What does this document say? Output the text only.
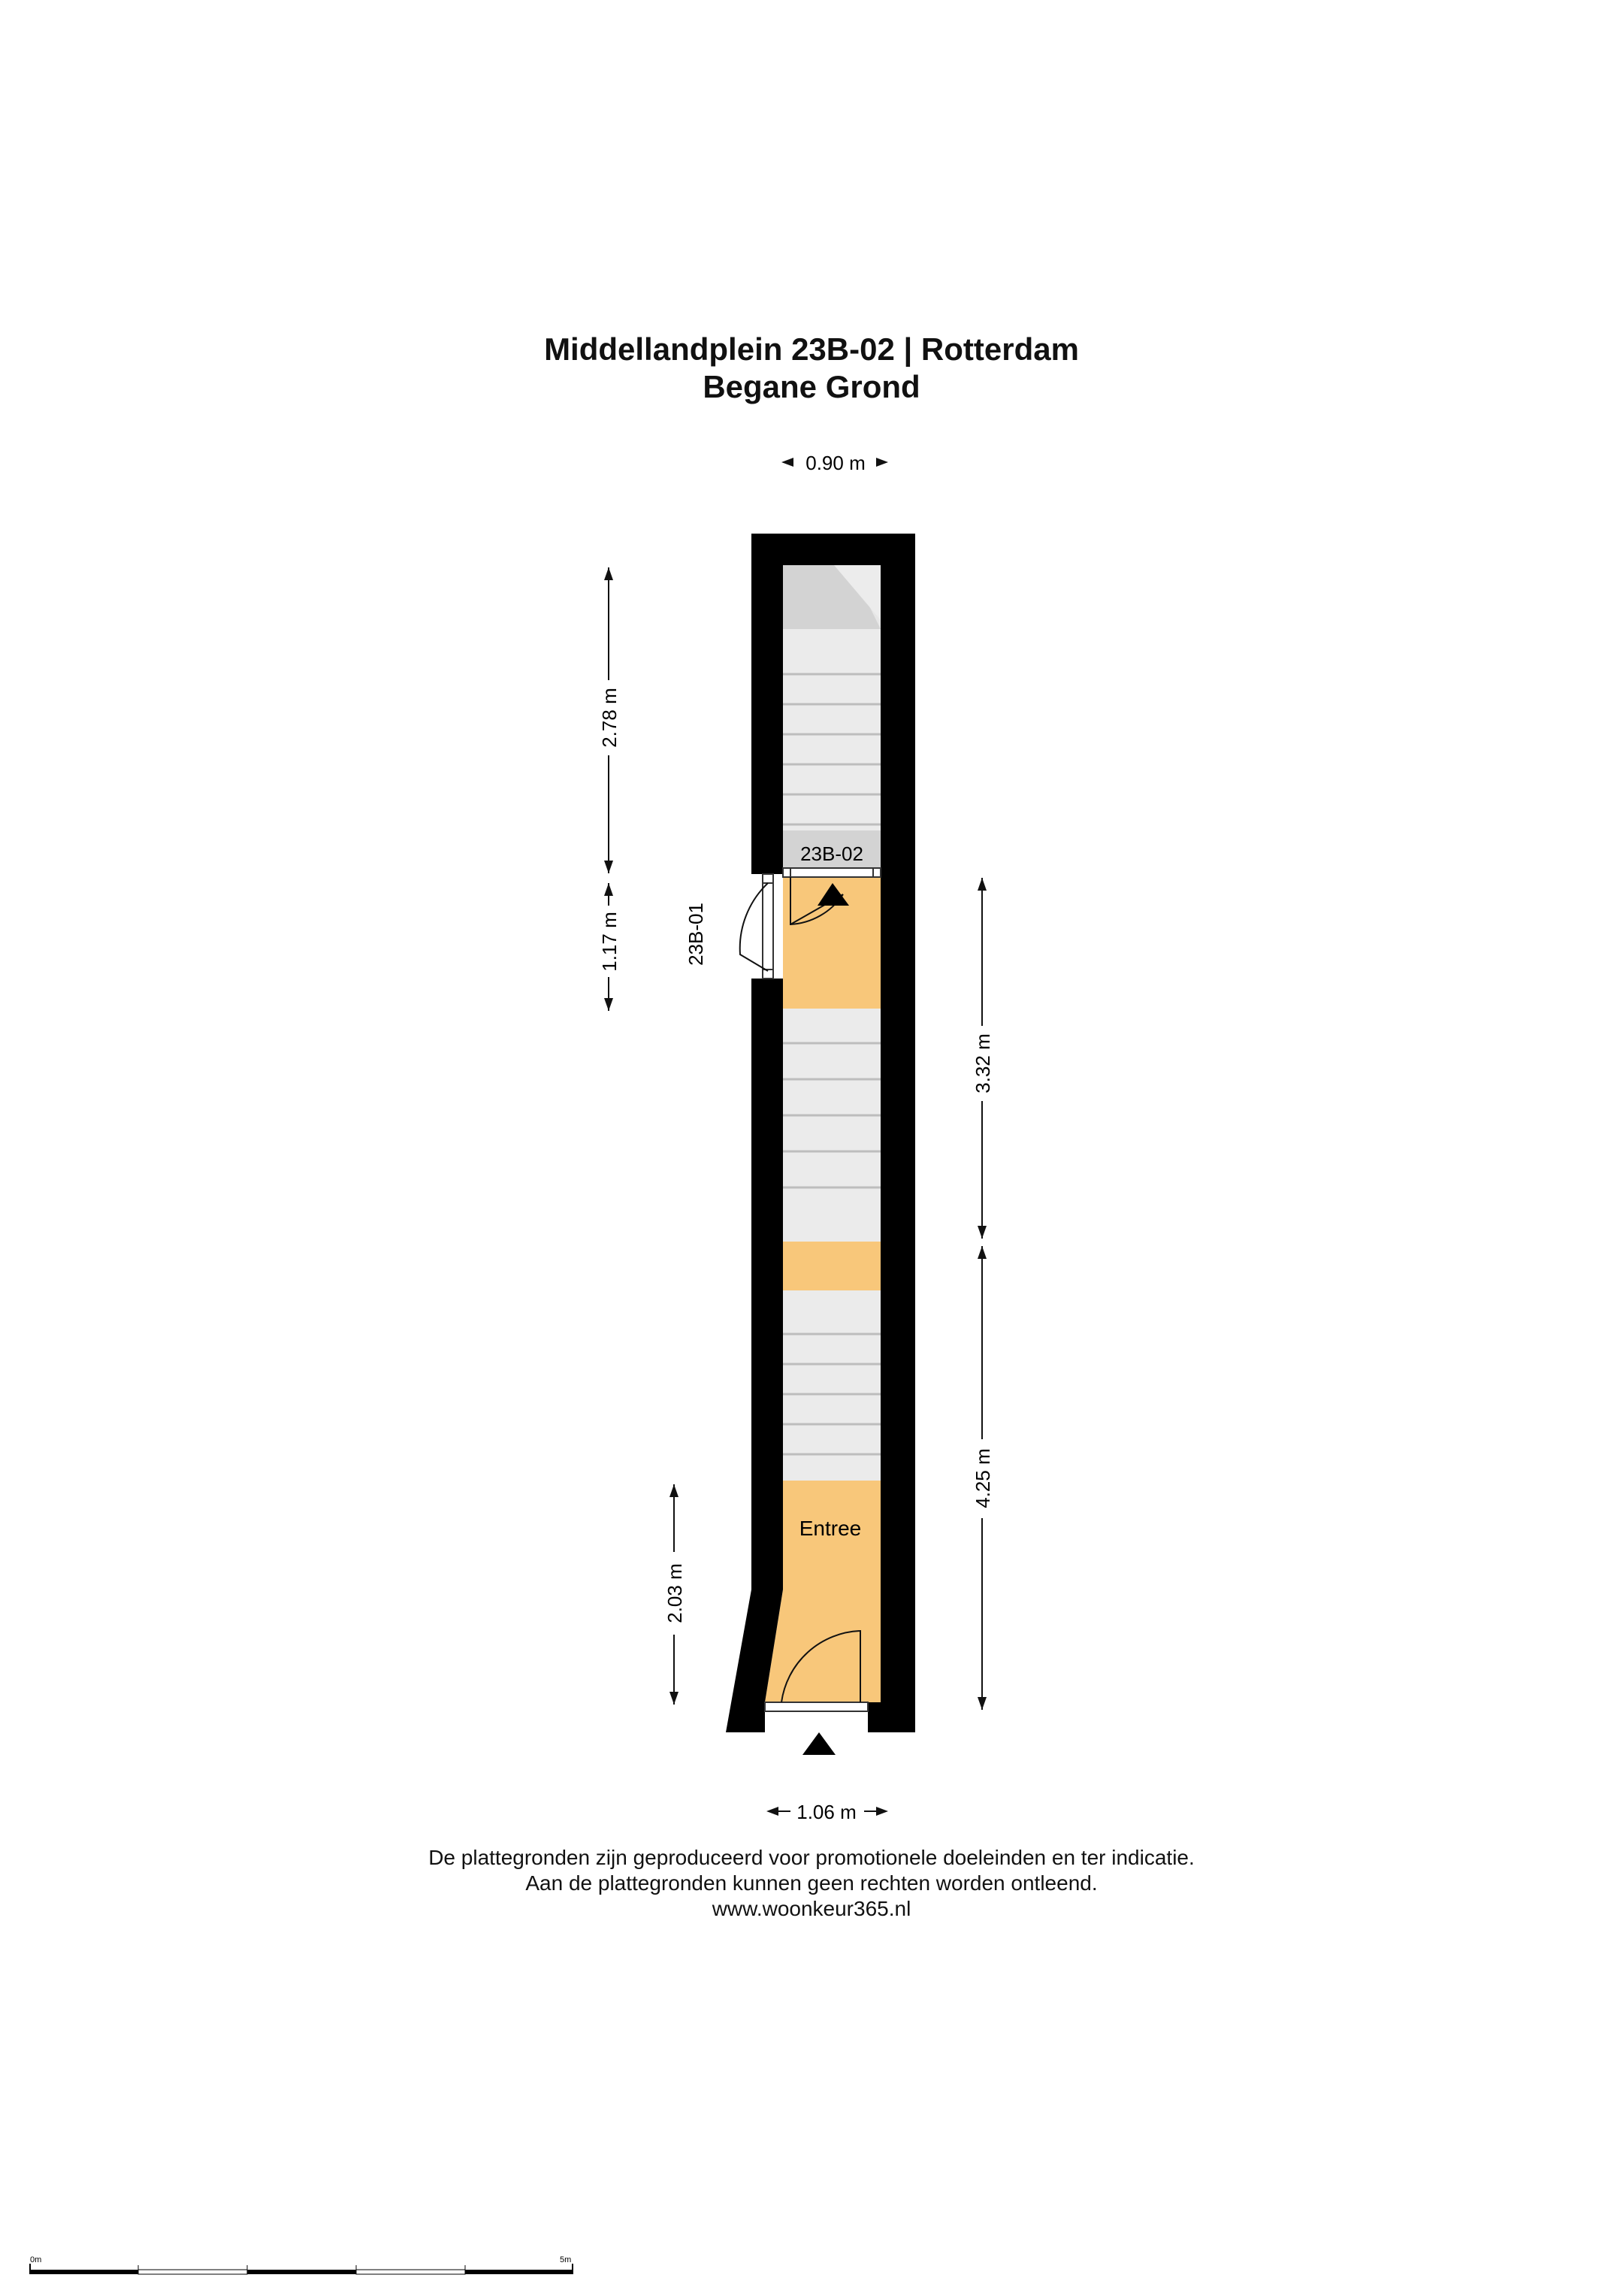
Middellandplein 23B-02 | Rotterdam
Begane Grond
0.90 m
23B-02
Entree
23B-01
2.78 m
1.17 m
2.03 m
3.32 m
4.25 m
1.06 m
0m	5m
De plattegronden zijn geproduceerd voor promotionele doeleinden en ter indicatie.
Aan de plattegronden kunnen geen rechten worden ontleend.
www.woonkeur365.nl
